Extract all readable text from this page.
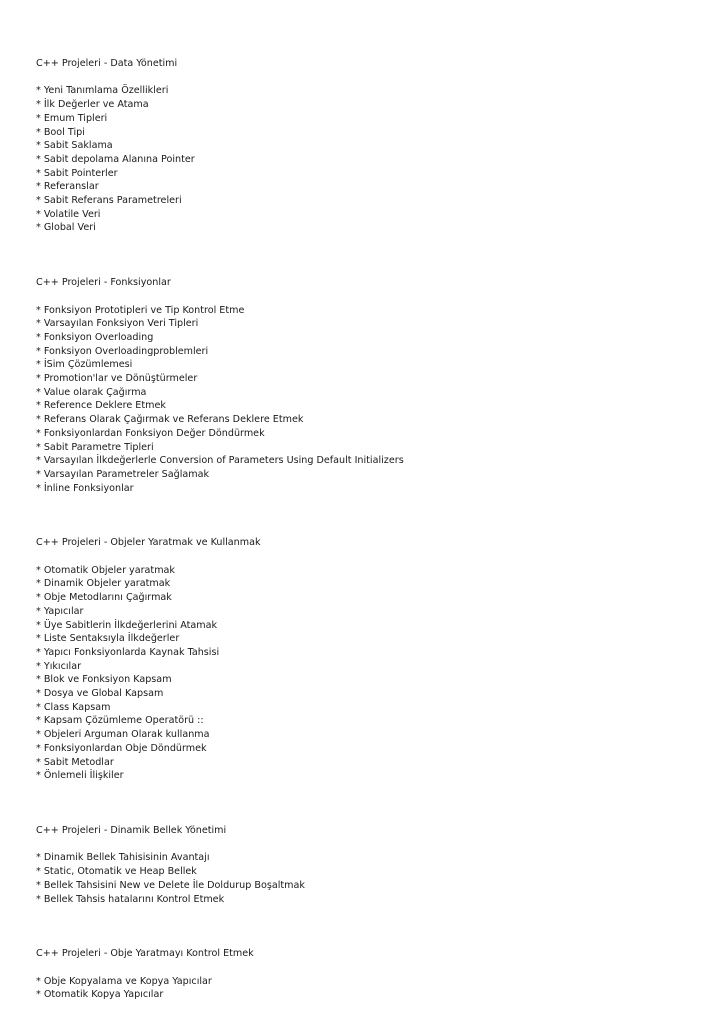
C++ Projeleri - Data Yönetimi
* Yeni Tanımlama Özellikleri
* İlk Değerler ve Atama
* Emum Tipleri
* Bool Tipi
* Sabit Saklama
* Sabit depolama Alanına Pointer
* Sabit Pointerler
* Referanslar
* Sabit Referans Parametreleri
* Volatile Veri
* Global Veri
C++ Projeleri - Fonksiyonlar
* Fonksiyon Prototipleri ve Tip Kontrol Etme
* Varsayılan Fonksiyon Veri Tipleri
* Fonksiyon Overloading
* Fonksiyon Overloadingproblemleri
* İSim Çözümlemesi
* Promotion'lar ve Dönüştürmeler
* Value olarak Çağırma
* Reference Deklere Etmek
* Referans Olarak Çağırmak ve Referans Deklere Etmek
* Fonksiyonlardan Fonksiyon Değer Döndürmek
* Sabit Parametre Tipleri
* Varsayılan İlkdeğerlerle Conversion of Parameters Using Default Initializers
* Varsayılan Parametreler Sağlamak
* İnline Fonksiyonlar
C++ Projeleri - Objeler Yaratmak ve Kullanmak
* Otomatik Objeler yaratmak
* Dinamik Objeler yaratmak
* Obje Metodlarını Çağırmak
* Yapıcılar
* Üye Sabitlerin İlkdeğerlerini Atamak
* Liste Sentaksıyla İlkdeğerler
* Yapıcı Fonksiyonlarda Kaynak Tahsisi
* Yıkıcılar
* Blok ve Fonksiyon Kapsam
* Dosya ve Global Kapsam
* Class Kapsam
* Kapsam Çözümleme Operatörü ::
* Objeleri Arguman Olarak kullanma
* Fonksiyonlardan Obje Döndürmek
* Sabit Metodlar
* Önlemeli İlişkiler
C++ Projeleri - Dinamik Bellek Yönetimi
* Dinamik Bellek Tahisisinin Avantajı
* Static, Otomatik ve Heap Bellek
* Bellek Tahsisini New ve Delete İle Doldurup Boşaltmak
* Bellek Tahsis hatalarını Kontrol Etmek
C++ Projeleri - Obje Yaratmayı Kontrol Etmek
* Obje Kopyalama ve Kopya Yapıcılar
* Otomatik Kopya Yapıcılar
